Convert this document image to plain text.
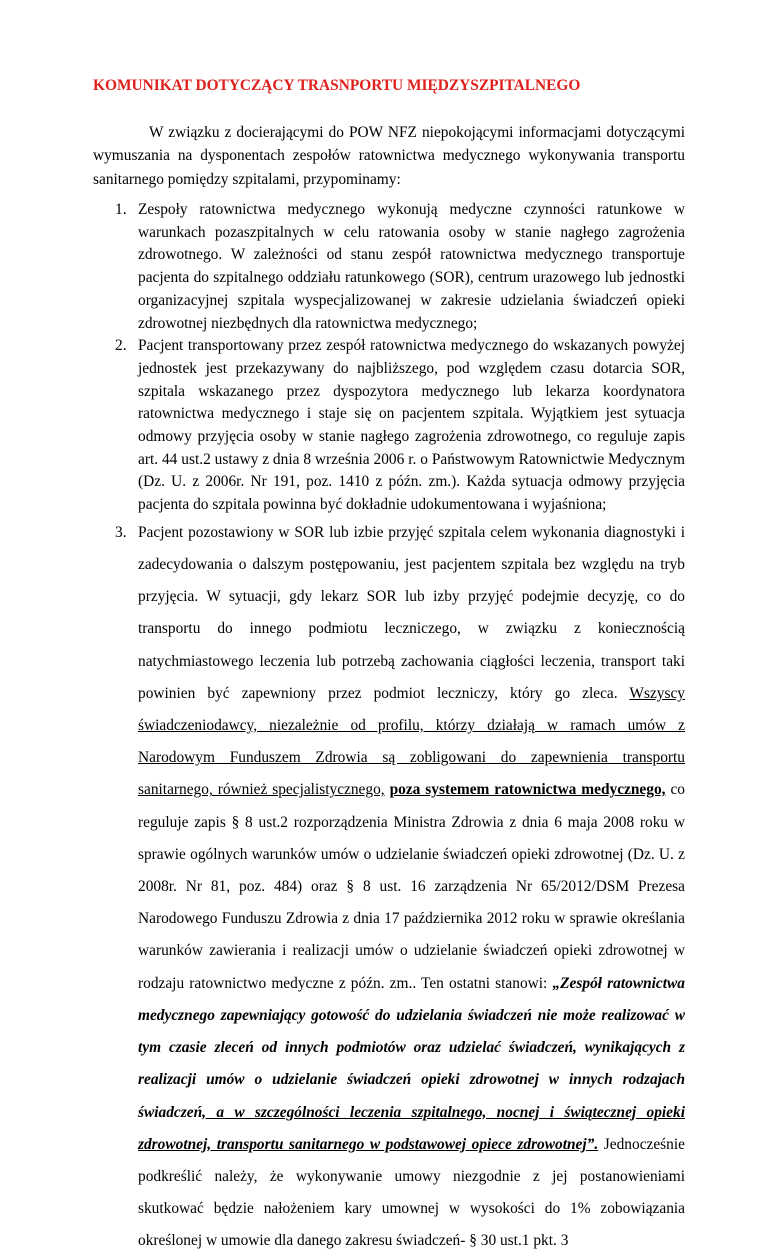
KOMUNIKAT DOTYCZĄCY TRASNPORTU MIĘDZYSZPITALNEGO

W związku z docierającymi do POW NFZ niepokojącymi informacjami dotyczącymi wymuszania na dysponentach zespołów ratownictwa medycznego wykonywania transportu sanitarnego pomiędzy szpitalami, przypominamy:

1. Zespoły ratownictwa medycznego wykonują medyczne czynności ratunkowe w warunkach pozaszpitalnych w celu ratowania osoby w stanie nagłego zagrożenia zdrowotnego. W zależności od stanu zespół ratownictwa medycznego transportuje pacjenta do szpitalnego oddziału ratunkowego (SOR), centrum urazowego lub jednostki organizacyjnej szpitala wyspecjalizowanej w zakresie udzielania świadczeń opieki zdrowotnej niezbędnych dla ratownictwa medycznego;
2. Pacjent transportowany przez zespół ratownictwa medycznego do wskazanych powyżej jednostek jest przekazywany do najbliższego, pod względem czasu dotarcia SOR, szpitala wskazanego przez dyspozytora medycznego lub lekarza koordynatora ratownictwa medycznego i staje się on pacjentem szpitala. Wyjątkiem jest sytuacja odmowy przyjęcia osoby w stanie nagłego zagrożenia zdrowotnego, co reguluje zapis art. 44 ust.2 ustawy z dnia 8 września 2006 r. o Państwowym Ratownictwie Medycznym (Dz. U. z 2006r. Nr 191, poz. 1410 z późn. zm.). Każda sytuacja odmowy przyjęcia pacjenta do szpitala powinna być dokładnie udokumentowana i wyjaśniona;
3. Pacjent pozostawiony w SOR lub izbie przyjęć szpitala celem wykonania diagnostyki i zadecydowania o dalszym postępowaniu, jest pacjentem szpitala bez względu na tryb przyjęcia. W sytuacji, gdy lekarz SOR lub izby przyjęć podejmie decyzję, co do transportu do innego podmiotu leczniczego, w związku z koniecznością natychmiastowego leczenia lub potrzebą zachowania ciągłości leczenia, transport taki powinien być zapewniony przez podmiot leczniczy, który go zleca. Wszyscy świadczeniodawcy, niezależnie od profilu, którzy działają w ramach umów z Narodowym Funduszem Zdrowia są zobligowani do zapewnienia transportu sanitarnego, również specjalistycznego, poza systemem ratownictwa medycznego, co reguluje zapis § 8 ust.2 rozporządzenia Ministra Zdrowia z dnia 6 maja 2008 roku w sprawie ogólnych warunków umów o udzielanie świadczeń opieki zdrowotnej (Dz. U. z 2008r. Nr 81, poz. 484) oraz § 8 ust. 16 zarządzenia Nr 65/2012/DSM Prezesa Narodowego Funduszu Zdrowia z dnia 17 października 2012 roku w sprawie określania warunków zawierania i realizacji umów o udzielanie świadczeń opieki zdrowotnej w rodzaju ratownictwo medyczne z późn. zm.. Ten ostatni stanowi: „Zespół ratownictwa medycznego zapewniający gotowość do udzielania świadczeń nie może realizować w tym czasie zleceń od innych podmiotów oraz udzielać świadczeń, wynikających z realizacji umów o udzielanie świadczeń opieki zdrowotnej w innych rodzajach świadczeń, a w szczególności leczenia szpitalnego, nocnej i świątecznej opieki zdrowotnej, transportu sanitarnego w podstawowej opiece zdrowotnej”. Jednocześnie podkreślić należy, że wykonywanie umowy niezgodnie z jej postanowieniami skutkować będzie nałożeniem kary umownej w wysokości do 1% zobowiązania określonej w umowie dla danego zakresu świadczeń- § 30 ust.1 pkt. 3
